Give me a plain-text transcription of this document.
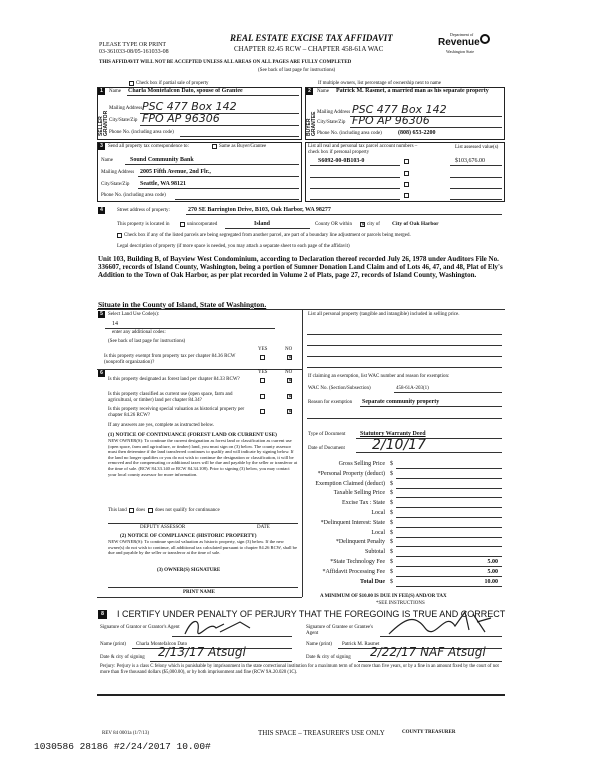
PLEASE TYPE OR PRINT
03-361033-08/05-161033-08
REAL ESTATE EXCISE TAX AFFIDAVIT
CHAPTER 82.45 RCW – CHAPTER 458-61A WAC
THIS AFFIDAVIT WILL NOT BE ACCEPTED UNLESS ALL AREAS ON ALL PAGES ARE FULLY COMPLETED
(See back of last page for instructions)
Department of
Revenue
Washington State
Check box if partial sale of property	If multiple owners, list percentage of ownership next to name
1	2
SELLER GRANTOR	BUYER GRANTEE
Name Charla Montefalcon Dato, spouse of Grantee
Mailing Address PSC 477 Box 142
City/State/Zip FPO AP 96306
Phone No. (including area code)
Name Patrick M. Rasmet, a married man as his separate property
Mailing Address PSC 477 Box 142
City/State/Zip FPO AP 96306
Phone No. (including area code)	(808) 653-2200
3	Send all property tax correspondence to:	Same as Buyer/Grantee
Name	Sound Community Bank
Mailing Address 2005 Fifth Avenue, 2nd Flr.,
City/State/Zip Seattle, WA 98121
Phone No. (including area code)
List all real and personal tax parcel account numbers – check box if personal property
List assessed value(s)
S6092-00-0B103-0	$103,676.00
4	Street address of property:	270 SE Barrington Drive, B103, Oak Harbor, WA 98277
This property is located in	unincorporated	Island	County OR within ✕ city of City of Oak Harbor
Check box if any of the listed parcels are being segregated from another parcel, are part of a boundary line adjustment or parcels being merged.
Legal description of property (if more space is needed, you may attach a separate sheet to each page of the affidavit)
Unit 103, Building B, of Bayview West Condominium, according to Declaration thereof recorded July 26, 1978 under Auditors File No. 336607, records of Island County, Washington, being a portion of Sumner Donation Land Claim and of Lots 46, 47, and 48, Plat of Ely's Addition to the Town of Oak Harbor, as per plat recorded in Volume 2 of Plats, page 27, records of Island County, Washington.
Situate in the County of Island, State of Washington.
5	Select Land Use Code(s):
14
enter any additional codes:
(See back of last page for instructions)
YES	NO
Is this property exempt from property tax per chapter 84.36 RCW (nonprofit organization)?
✕
6	YES	NO
Is this property designated as forest land per chapter 84.33 RCW?	✕
Is this property classified as current use (open space, farm and agricultural, or timber) land per chapter 84.34?
✕
Is this property receiving special valuation as historical property per chapter 84.26 RCW?
✕
If any answers are yes, complete as instructed below.
(1) NOTICE OF CONTINUANCE (FOREST LAND OR CURRENT USE)
NEW OWNER(S): To continue the current designation as forest land or classification as current use (open space, farm and agriculture, or timber) land, you must sign on (3) below. The county assessor must then determine if the land transferred continues to qualify and will indicate by signing below. If the land no longer qualifies or you do not wish to continue the designation or classification, it will be removed and the compensating or additional taxes will be due and payable by the seller or transferor at the time of sale. (RCW 84.33.140 or RCW 84.34.108). Prior to signing (3) below, you may contact your local county assessor for more information.
This land does does not qualify for continuance
DEPUTY ASSESSOR	DATE
(2) NOTICE OF COMPLIANCE (HISTORIC PROPERTY)
NEW OWNER(S): To continue special valuation as historic property, sign (3) below. If the new owner(s) do not wish to continue, all additional tax calculated pursuant to chapter 84.26 RCW, shall be due and payable by the seller or transferor at the time of sale.
(3) OWNER(S) SIGNATURE
PRINT NAME
List all personal property (tangible and intangible) included in selling price.
If claiming an exemption, list WAC number and reason for exemption:
WAC No. (Section/Subsection)	458-61A-203(1)
Reason for exemption Separate community property
Type of Document Statutory Warranty Deed
Date of Document 2/10/17
Gross Selling Price $
*Personal Property (deduct) $
Exemption Claimed (deduct) $
Taxable Selling Price $
Excise Tax : State $
Local $
*Delinquent Interest: State $
Local $
*Delinquent Penalty $
Subtotal $
*State Technology Fee $	5.00
*Affidavit Processing Fee $	5.00
Total Due $	10.00
A MINIMUM OF $10.00 IS DUE IN FEE(S) AND/OR TAX
*SEE INSTRUCTIONS
8	I CERTIFY UNDER PENALTY OF PERJURY THAT THE FOREGOING IS TRUE AND CORRECT
Signature of Grantor or Grantor's Agent	Signature of Grantee or Grantee's Agent
Name (print) Charla Montefalcon Dato	Name (print) Patrick M. Rasmet
Date & city of signing 2/13/17 Atsugi	Date & city of signing 2/22/17 NAF Atsugi
Perjury: Perjury is a class C felony which is punishable by imprisonment in the state correctional institution for a maximum term of not more than five years, or by a fine in an amount fixed by the court of not more than five thousand dollars ($5,000.00), or by both imprisonment and fine (RCW 9A.20.020 (1C).
REV 84 0001a (1/7/13)	THIS SPACE – TREASURER'S USE ONLY	COUNTY TREASURER
1030586 28186 #2/24/2017 10.00#
